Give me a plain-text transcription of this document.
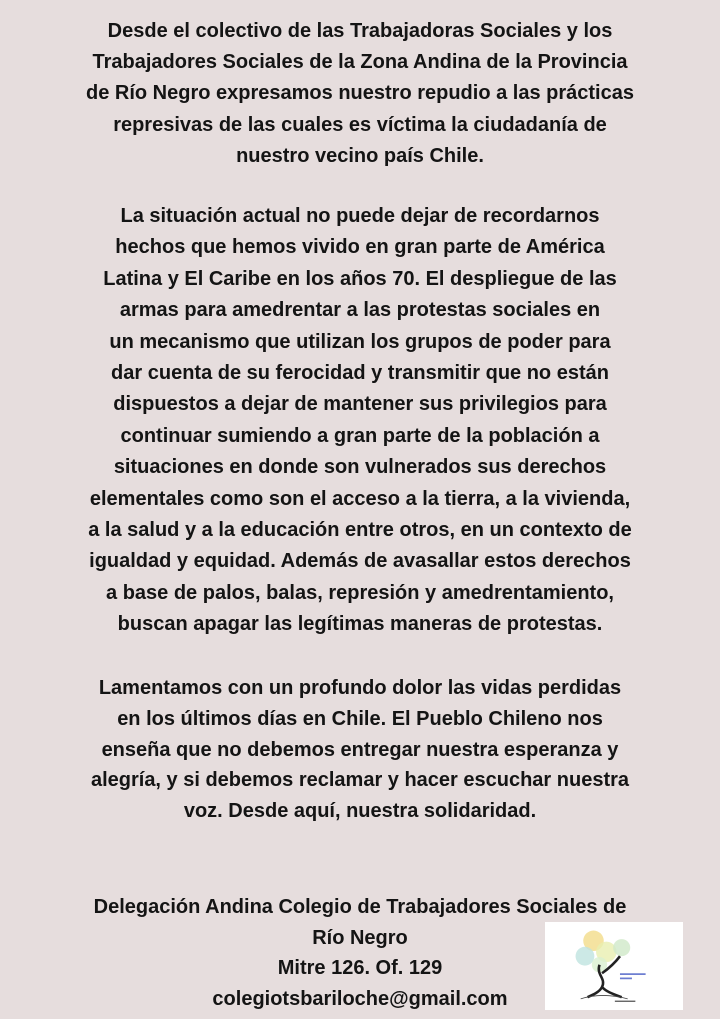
Desde el colectivo de las Trabajadoras Sociales y los
Trabajadores Sociales de la Zona Andina de la Provincia
de Río Negro expresamos nuestro repudio a las prácticas
represivas de las cuales es víctima la ciudadanía de
nuestro vecino país Chile.
La situación actual no puede dejar de recordarnos
hechos que hemos vivido en gran parte de América
Latina y El Caribe en los años 70. El despliegue de las
armas para amedrentar a las protestas sociales en
un mecanismo que utilizan los grupos de poder para
dar cuenta de su ferocidad y transmitir que no están
dispuestos a dejar de mantener sus privilegios para
continuar sumiendo a gran parte de la población a
situaciones en donde son vulnerados sus derechos
elementales como son el acceso a la tierra, a la vivienda,
a la salud y a la educación entre otros, en un contexto de
igualdad y equidad. Además de avasallar estos derechos
a base de palos, balas, represión y amedrentamiento,
buscan apagar las legítimas maneras de protestas.
Lamentamos con un profundo dolor las vidas perdidas
en los últimos días en Chile. El Pueblo Chileno nos
enseña que no debemos entregar nuestra esperanza y
alegría, y si debemos reclamar y hacer escuchar nuestra
voz. Desde aquí, nuestra solidaridad.
Delegación Andina Colegio de Trabajadores Sociales de
Río Negro
Mitre 126. Of. 129
colegiotsbariloche@gmail.com
